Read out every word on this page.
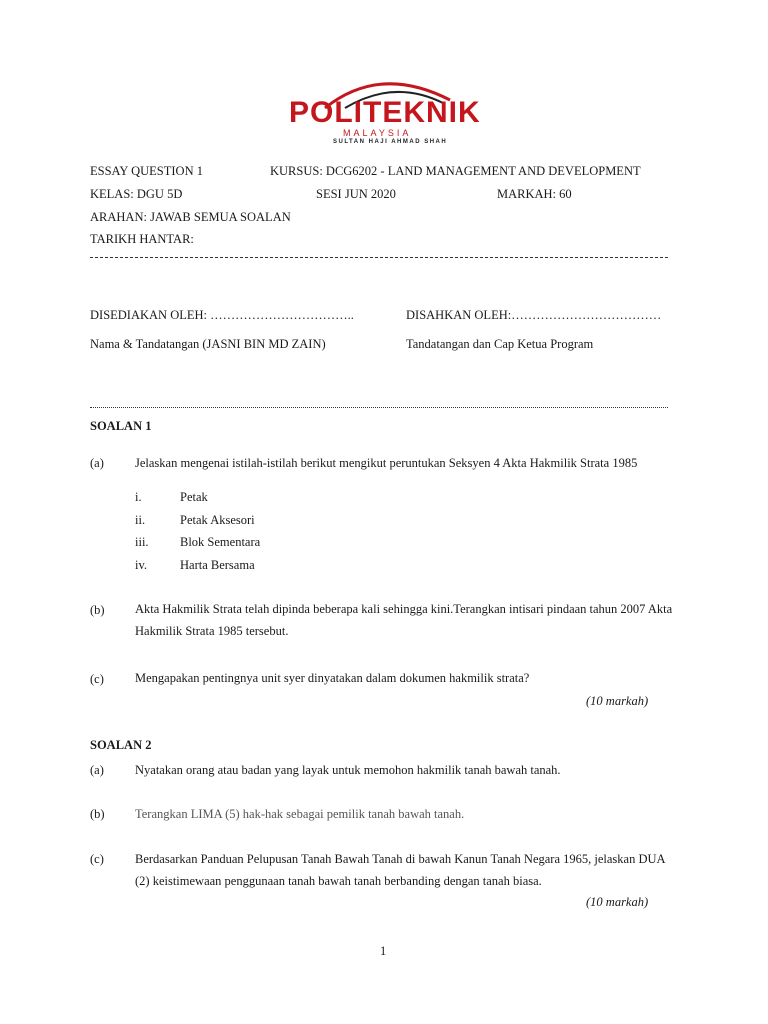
POLITEKNIK
MALAYSIA
SULTAN HAJI AHMAD SHAH
ESSAY QUESTION 1	KURSUS: DCG6202 - LAND MANAGEMENT AND DEVELOPMENT
KELAS: DGU 5D	SESI JUN 2020	MARKAH: 60
ARAHAN: JAWAB SEMUA SOALAN
TARIKH HANTAR:
DISEDIAKAN OLEH: ……………………………..	DISAHKAN OLEH:………………………………
Nama & Tandatangan (JASNI BIN MD ZAIN)	Tandatangan dan Cap Ketua Program
SOALAN 1
(a) Jelaskan mengenai istilah-istilah berikut mengikut peruntukan Seksyen 4 Akta Hakmilik Strata 1985
i.	Petak
ii.	Petak Aksesori
iii.	Blok Sementara
iv.	Harta Bersama
(b) Akta Hakmilik Strata telah dipinda beberapa kali sehingga kini.Terangkan intisari pindaan tahun 2007 Akta Hakmilik Strata 1985 tersebut.
(c) Mengapakan pentingnya unit syer dinyatakan dalam dokumen hakmilik strata?
(10 markah)
SOALAN 2
(a) Nyatakan orang atau badan yang layak untuk memohon hakmilik tanah bawah tanah.
(b) Terangkan LIMA (5) hak-hak sebagai pemilik tanah bawah tanah.
(c) Berdasarkan Panduan Pelupusan Tanah Bawah Tanah di bawah Kanun Tanah Negara 1965, jelaskan DUA (2) keistimewaan penggunaan tanah bawah tanah berbanding dengan tanah biasa.
(10 markah)
1
